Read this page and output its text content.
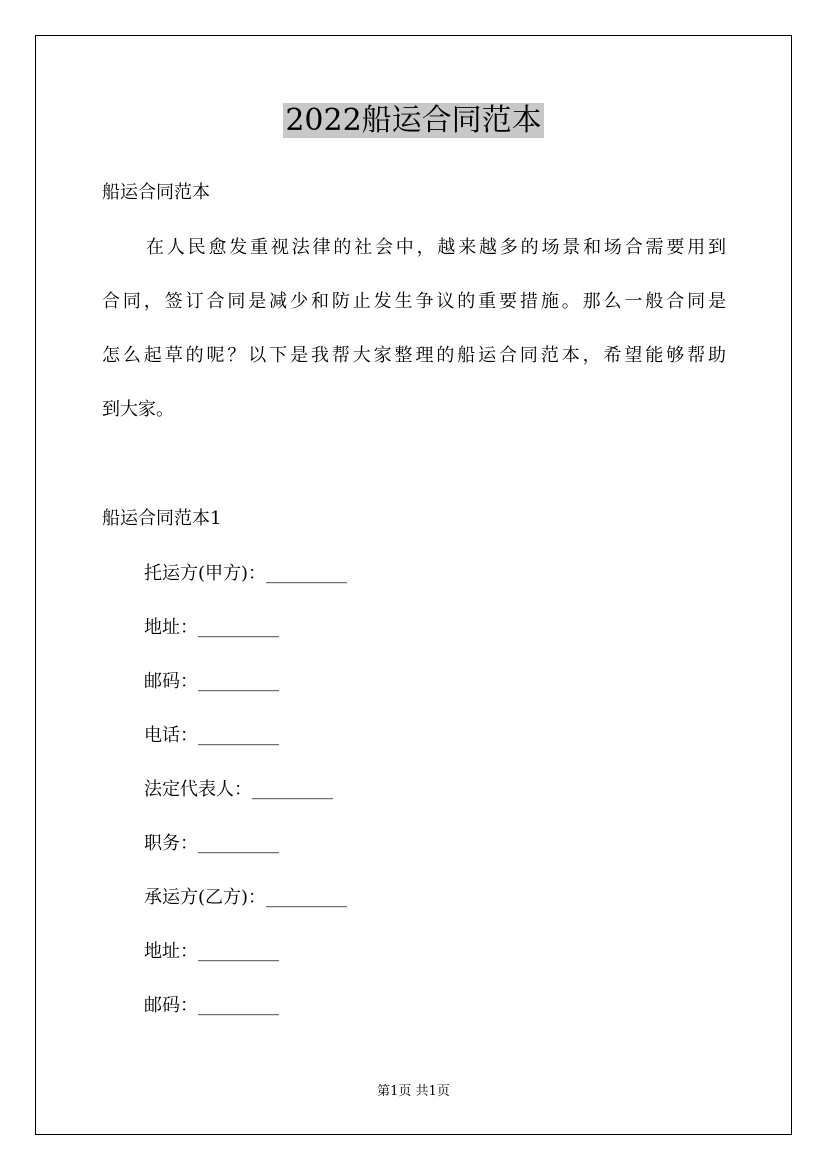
2022船运合同范本
船运合同范本
在人民愈发重视法律的社会中，越来越多的场景和场合需要用到
合同，签订合同是减少和防止发生争议的重要措施。那么一般合同是
怎么起草的呢？以下是我帮大家整理的船运合同范本，希望能够帮助
到大家。
船运合同范本1
托运方(甲方)：_________
地址：_________
邮码：_________
电话：_________
法定代表人：_________
职务：_________
承运方(乙方)：_________
地址：_________
邮码：_________
第1页 共1页
